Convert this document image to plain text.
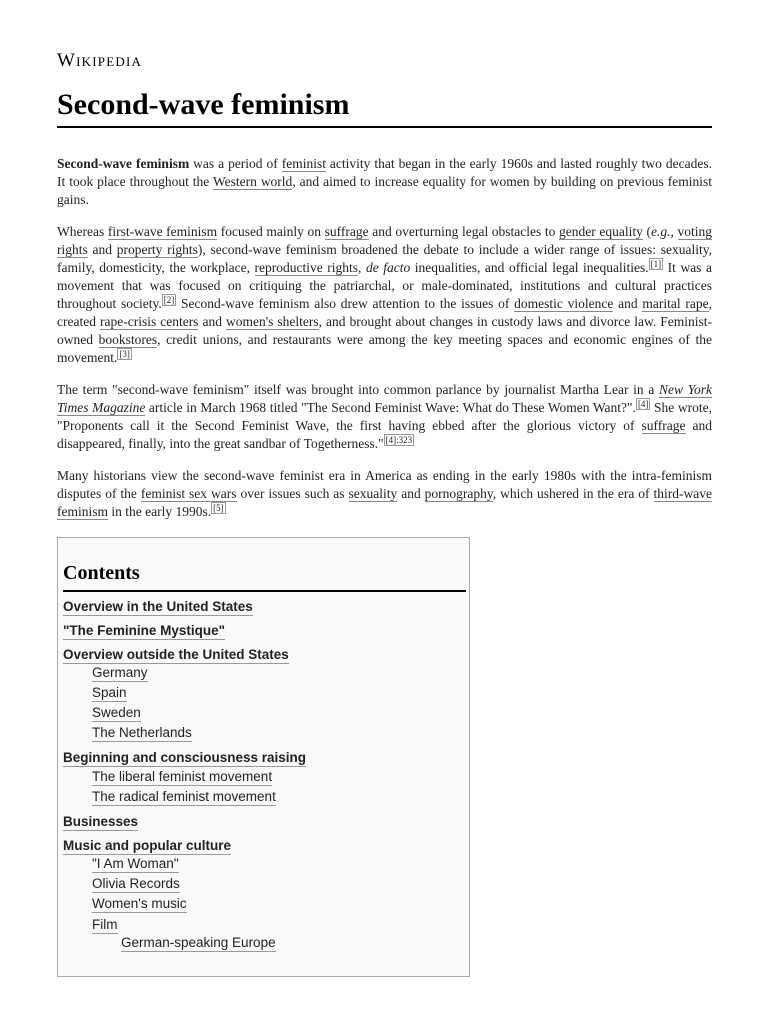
Wikipedia
Second-wave feminism

Second-wave feminism was a period of feminist activity that began in the early 1960s and lasted roughly two decades. It took place throughout the Western world, and aimed to increase equality for women by building on previous feminist gains.

Whereas first-wave feminism focused mainly on suffrage and overturning legal obstacles to gender equality (e.g., voting rights and property rights), second-wave feminism broadened the debate to include a wider range of issues: sexuality, family, domesticity, the workplace, reproductive rights, de facto inequalities, and official legal inequalities. [1] It was a movement that was focused on critiquing the patriarchal, or male-dominated, institutions and cultural practices throughout society. [2] Second-wave feminism also drew attention to the issues of domestic violence and marital rape, created rape-crisis centers and women's shelters, and brought about changes in custody laws and divorce law. Feminist-owned bookstores, credit unions, and restaurants were among the key meeting spaces and economic engines of the movement. [3]

The term "second-wave feminism" itself was brought into common parlance by journalist Martha Lear in a New York Times Magazine article in March 1968 titled "The Second Feminist Wave: What do These Women Want?". [4] She wrote, "Proponents call it the Second Feminist Wave, the first having ebbed after the glorious victory of suffrage and disappeared, finally, into the great sandbar of Togetherness." $^{[4]:323}$

Many historians view the second-wave feminist era in America as ending in the early 1980s with the intra-feminism disputes of the feminist sex wars over issues such as sexuality and pornography, which ushered in the era of third-wave feminism in the early 1990s. [5]

Contents
Overview in the United States
"The Feminine Mystique"
Overview outside the United States
Germany
Spain
Sweden
The Netherlands
Beginning and consciousness raising
The liberal feminist movement
The radical feminist movement
Businesses
Music and popular culture
"I Am Woman"
Olivia Records
Women's music
Film
German-speaking Europe
